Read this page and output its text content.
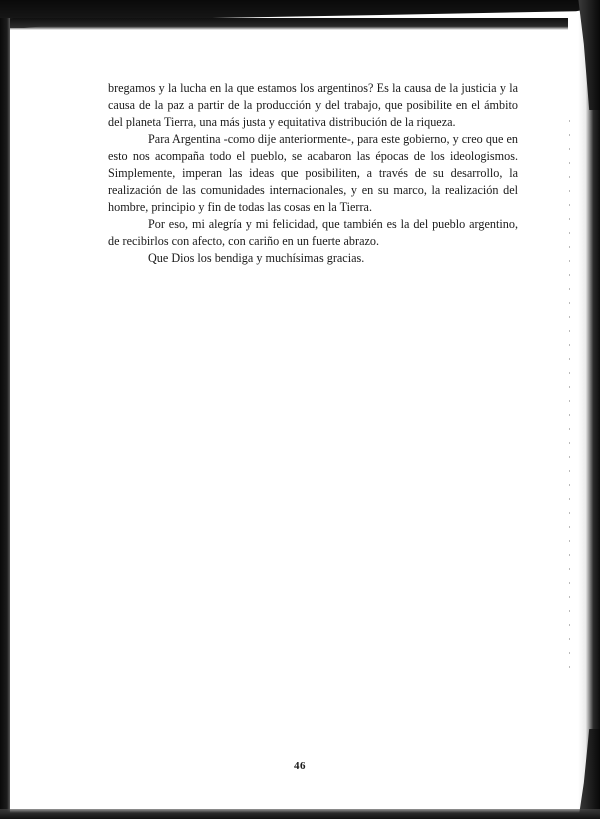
bregamos y la lucha en la que estamos los argentinos? Es la causa de la justicia y la causa de la paz a partir de la producción y del trabajo, que posibilite en el ámbito del planeta Tierra, una más justa y equitativa distribución de la riqueza.

Para Argentina -como dije anteriormente-, para este gobierno, y creo que en esto nos acompaña todo el pueblo, se acabaron las épocas de los ideologismos. Simplemente, imperan las ideas que posibiliten, a través de su desarrollo, la realización de las comunidades internacionales, y en su marco, la realización del hombre, principio y fin de todas las cosas en la Tierra.

Por eso, mi alegría y mi felicidad, que también es la del pueblo argentino, de recibirlos con afecto, con cariño en un fuerte abrazo.

Que Dios los bendiga y muchísimas gracias.

46
